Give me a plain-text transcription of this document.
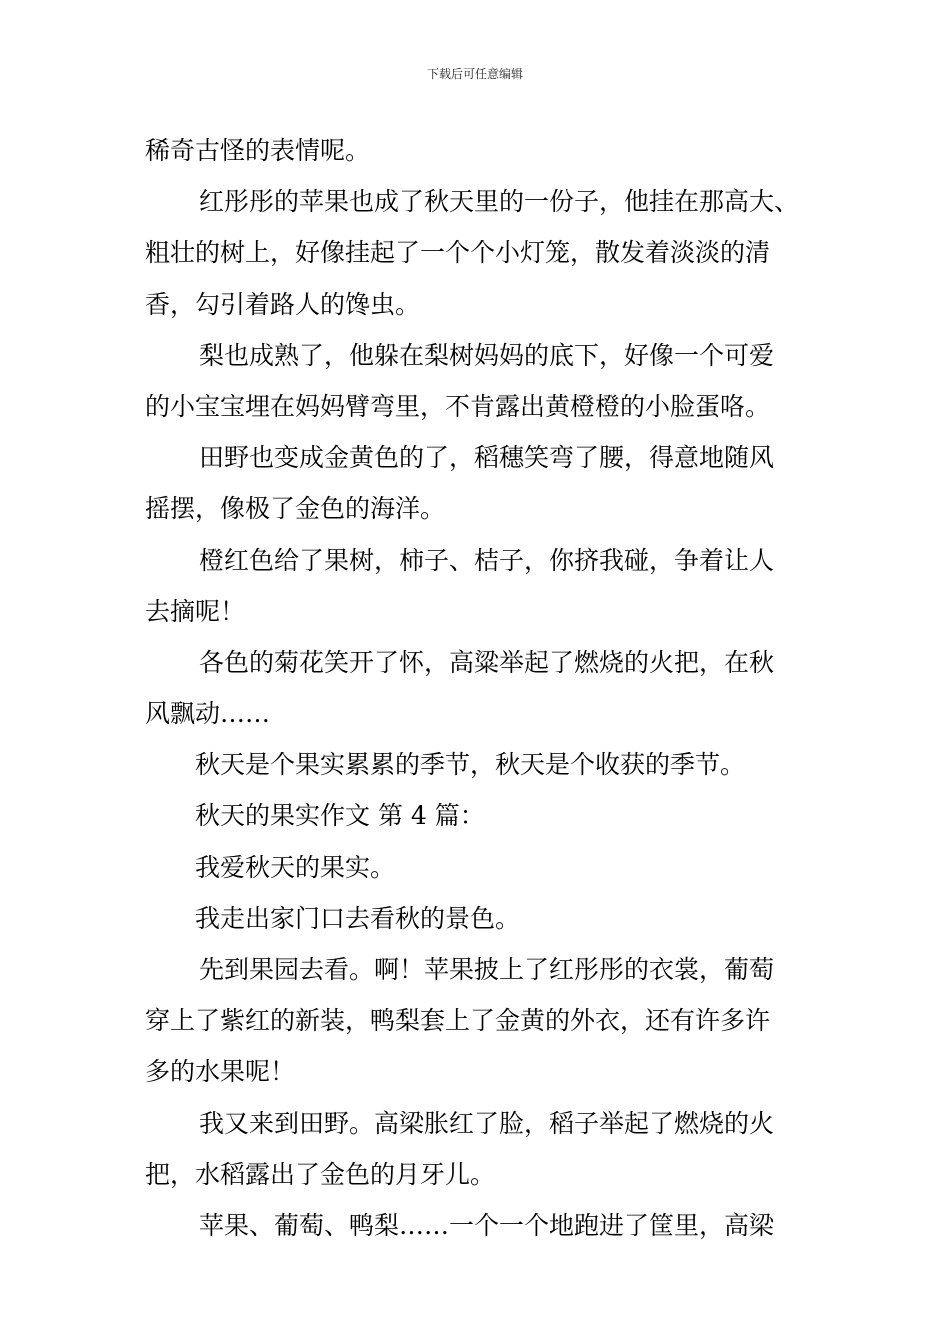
下载后可任意编辑
稀奇古怪的表情呢。
红彤彤的苹果也成了秋天里的一份子，他挂在那高大、
粗壮的树上，好像挂起了一个个小灯笼，散发着淡淡的清
香，勾引着路人的馋虫。
梨也成熟了，他躲在梨树妈妈的底下，好像一个可爱
的小宝宝埋在妈妈臂弯里，不肯露出黄橙橙的小脸蛋咯。
田野也变成金黄色的了，稻穗笑弯了腰，得意地随风
摇摆，像极了金色的海洋。
橙红色给了果树，柿子、桔子，你挤我碰，争着让人
去摘呢！
各色的菊花笑开了怀，高粱举起了燃烧的火把，在秋
风飘动……
秋天是个果实累累的季节，秋天是个收获的季节。
秋天的果实作文 第 4 篇：
我爱秋天的果实。
我走出家门口去看秋的景色。
先到果园去看。啊！苹果披上了红彤彤的衣裳，葡萄
穿上了紫红的新装，鸭梨套上了金黄的外衣，还有许多许
多的水果呢！
我又来到田野。高梁胀红了脸，稻子举起了燃烧的火
把，水稻露出了金色的月牙儿。
苹果、葡萄、鸭梨……一个一个地跑进了筐里，高梁
